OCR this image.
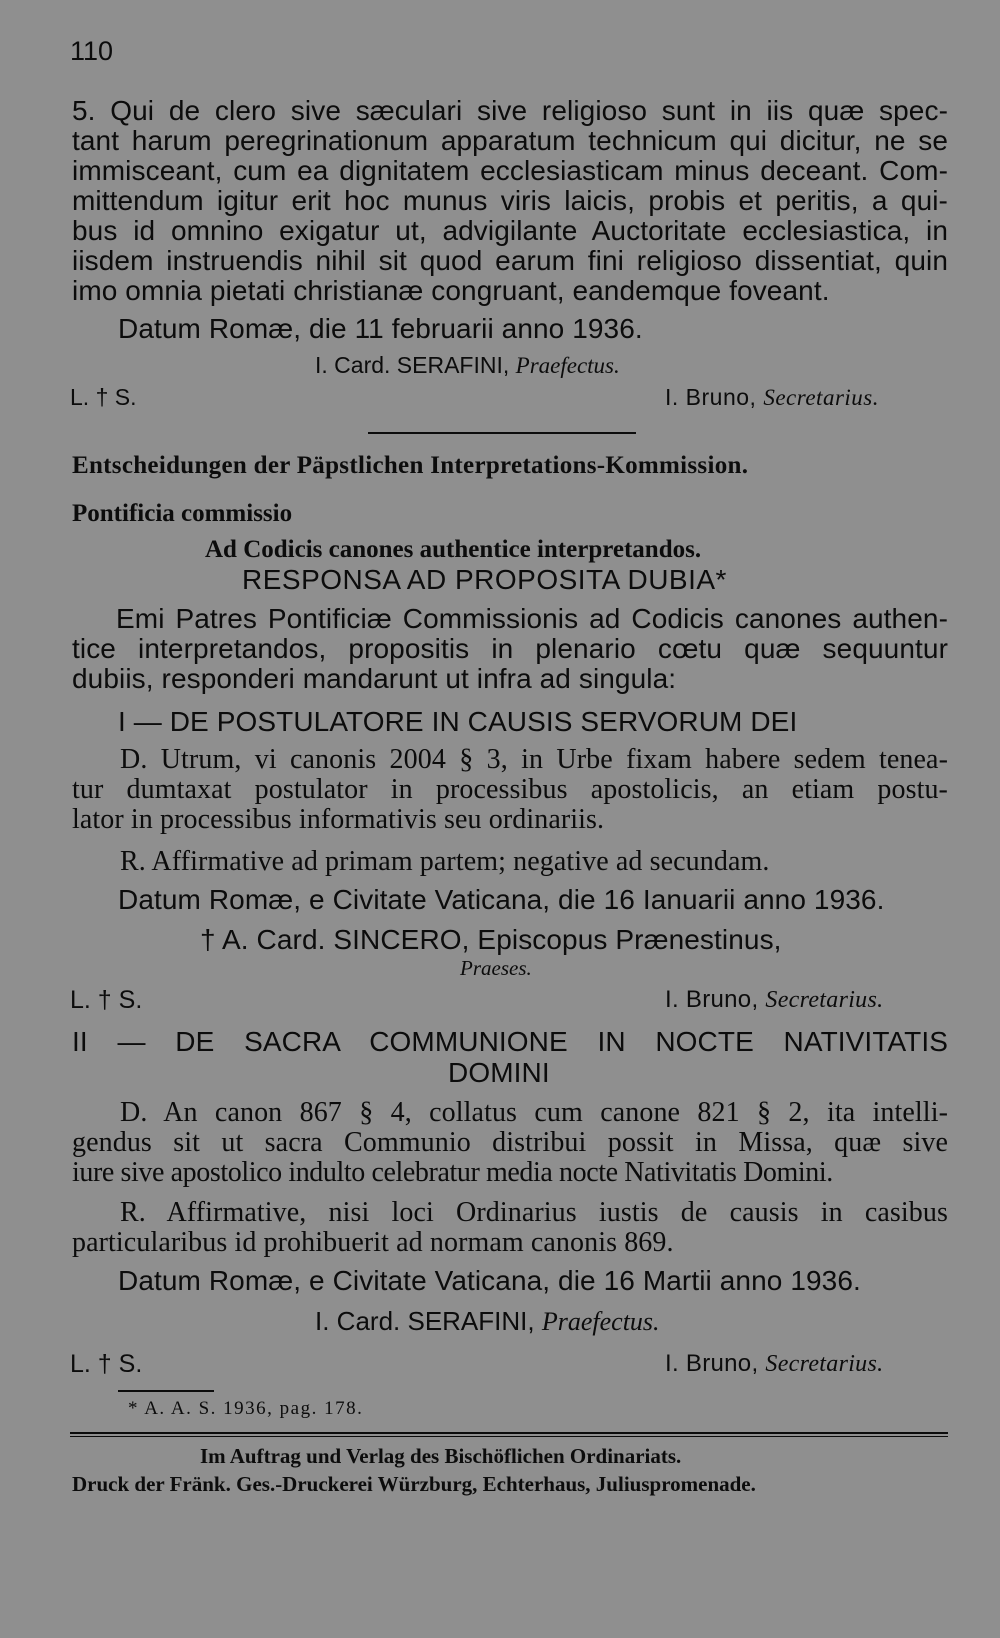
110
5. Qui de clero sive sæculari sive religioso sunt in iis quæ spec-
tant harum peregrinationum apparatum technicum qui dicitur, ne se
immisceant, cum ea dignitatem ecclesiasticam minus deceant. Com-
mittendum igitur erit hoc munus viris laicis, probis et peritis, a qui-
bus id omnino exigatur ut, advigilante Auctoritate ecclesiastica, in
iisdem instruendis nihil sit quod earum fini religioso dissentiat, quin
imo omnia pietati christianæ congruant, eandemque foveant.
Datum Romæ, die 11 februarii anno 1936.
I. Card. SERAFINI, Praefectus.
L. † S.	I. Bruno, Secretarius.
Entscheidungen der Päpstlichen Interpretations-Kommission.
Pontificia commissio
Ad Codicis canones authentice interpretandos.
RESPONSA AD PROPOSITA DUBIA*
Emi Patres Pontificiæ Commissionis ad Codicis canones authen-
tice interpretandos, propositis in plenario cœtu quæ sequuntur
dubiis, responderi mandarunt ut infra ad singula:
I — DE POSTULATORE IN CAUSIS SERVORUM DEI
D. Utrum, vi canonis 2004 § 3, in Urbe fixam habere sedem tenea-
tur dumtaxat postulator in processibus apostolicis, an etiam postu-
lator in processibus informativis seu ordinariis.
R. Affirmative ad primam partem; negative ad secundam.
Datum Romæ, e Civitate Vaticana, die 16 Ianuarii anno 1936.
† A. Card. SINCERO, Episcopus Prænestinus,
Praeses.
L. † S.	I. Bruno, Secretarius.
II — DE SACRA COMMUNIONE IN NOCTE NATIVITATIS
DOMINI
D. An canon 867 § 4, collatus cum canone 821 § 2, ita intelli-
gendus sit ut sacra Communio distribui possit in Missa, quæ sive
iure sive apostolico indulto celebratur media nocte Nativitatis Domini.
R. Affirmative, nisi loci Ordinarius iustis de causis in casibus
particularibus id prohibuerit ad normam canonis 869.
Datum Romæ, e Civitate Vaticana, die 16 Martii anno 1936.
I. Card. SERAFINI, Praefectus.
L. † S.	I. Bruno, Secretarius.
* A. A. S. 1936, pag. 178.
Im Auftrag und Verlag des Bischöflichen Ordinariats.
Druck der Fränk. Ges.-Druckerei Würzburg, Echterhaus, Juliuspromenade.
